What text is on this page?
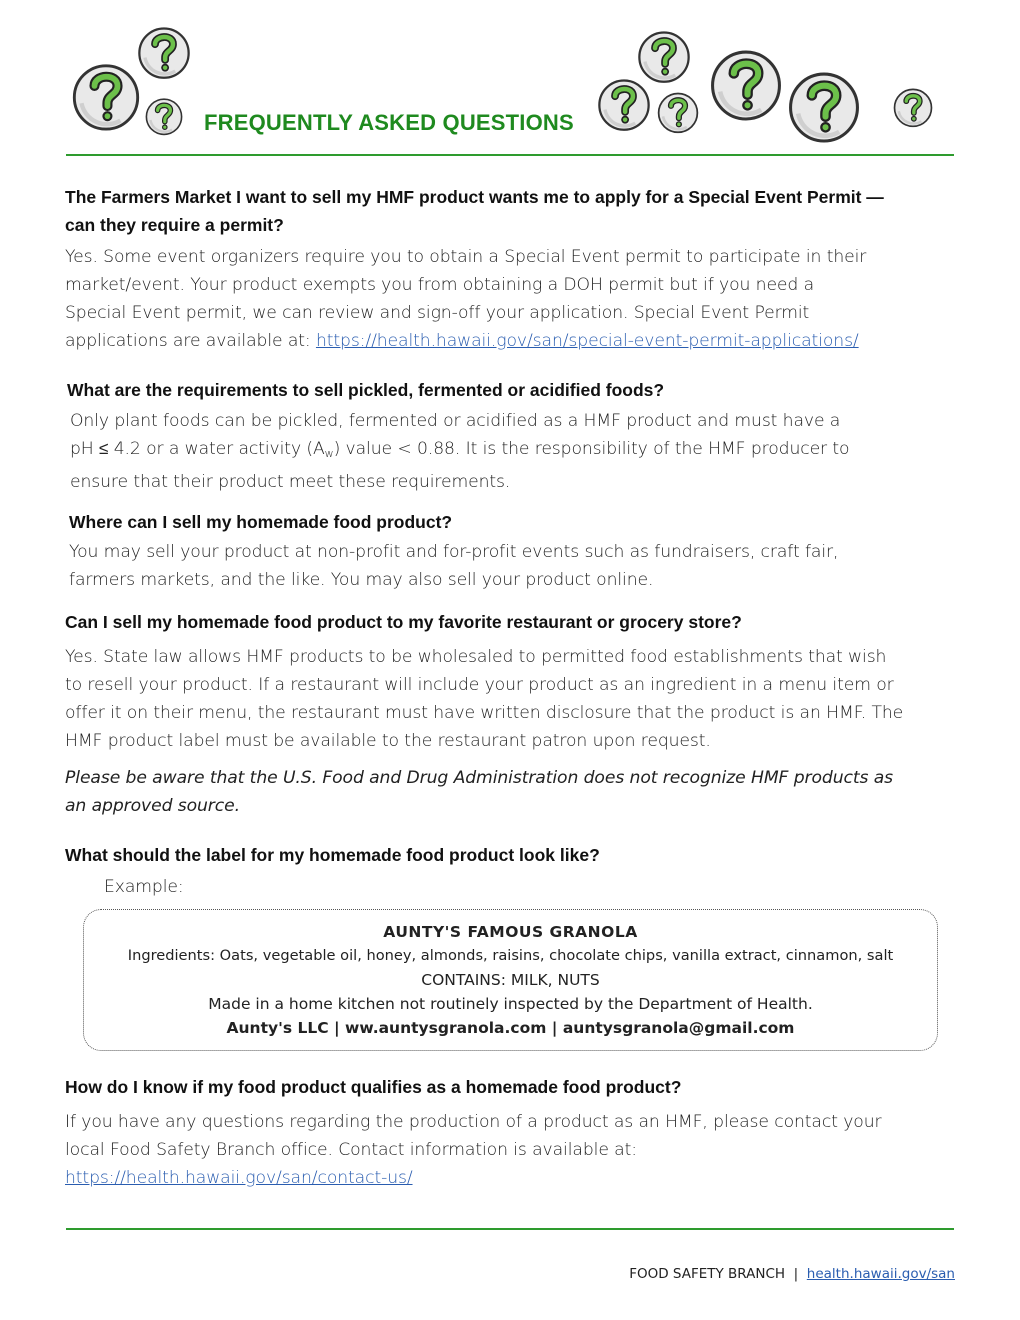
FREQUENTLY ASKED QUESTIONS
The Farmers Market I want to sell my HMF product wants me to apply for a Special Event Permit —
can they require a permit?
Yes. Some event organizers require you to obtain a Special Event permit to participate in their
market/event. Your product exempts you from obtaining a DOH permit but if you need a
Special Event permit, we can review and sign-off your application. Special Event Permit
applications are available at: https://health.hawaii.gov/san/special-event-permit-applications/
What are the requirements to sell pickled, fermented or acidified foods?
Only plant foods can be pickled, fermented or acidified as a HMF product and must have a
pH ≤ 4.2 or a water activity $(A_w)$ value < 0.88. It is the responsibility of the HMF producer to
ensure that their product meet these requirements.
Where can I sell my homemade food product?
You may sell your product at non-profit and for-profit events such as fundraisers, craft fair,
farmers markets, and the like. You may also sell your product online.
Can I sell my homemade food product to my favorite restaurant or grocery store?
Yes. State law allows HMF products to be wholesaled to permitted food establishments that wish
to resell your product. If a restaurant will include your product as an ingredient in a menu item or
offer it on their menu, the restaurant must have written disclosure that the product is an HMF. The
HMF product label must be available to the restaurant patron upon request.
Please be aware that the U.S. Food and Drug Administration does not recognize HMF products as
an approved source.
What should the label for my homemade food product look like?
Example:
AUNTY'S FAMOUS GRANOLA
Ingredients: Oats, vegetable oil, honey, almonds, raisins, chocolate chips, vanilla extract, cinnamon, salt
CONTAINS: MILK, NUTS
Made in a home kitchen not routinely inspected by the Department of Health.
Aunty's LLC | ww.auntysgranola.com | auntysgranola@gmail.com
How do I know if my food product qualifies as a homemade food product?
If you have any questions regarding the production of a product as an HMF, please contact your
local Food Safety Branch office. Contact information is available at:
https://health.hawaii.gov/san/contact-us/
FOOD SAFETY BRANCH | health.hawaii.gov/san
